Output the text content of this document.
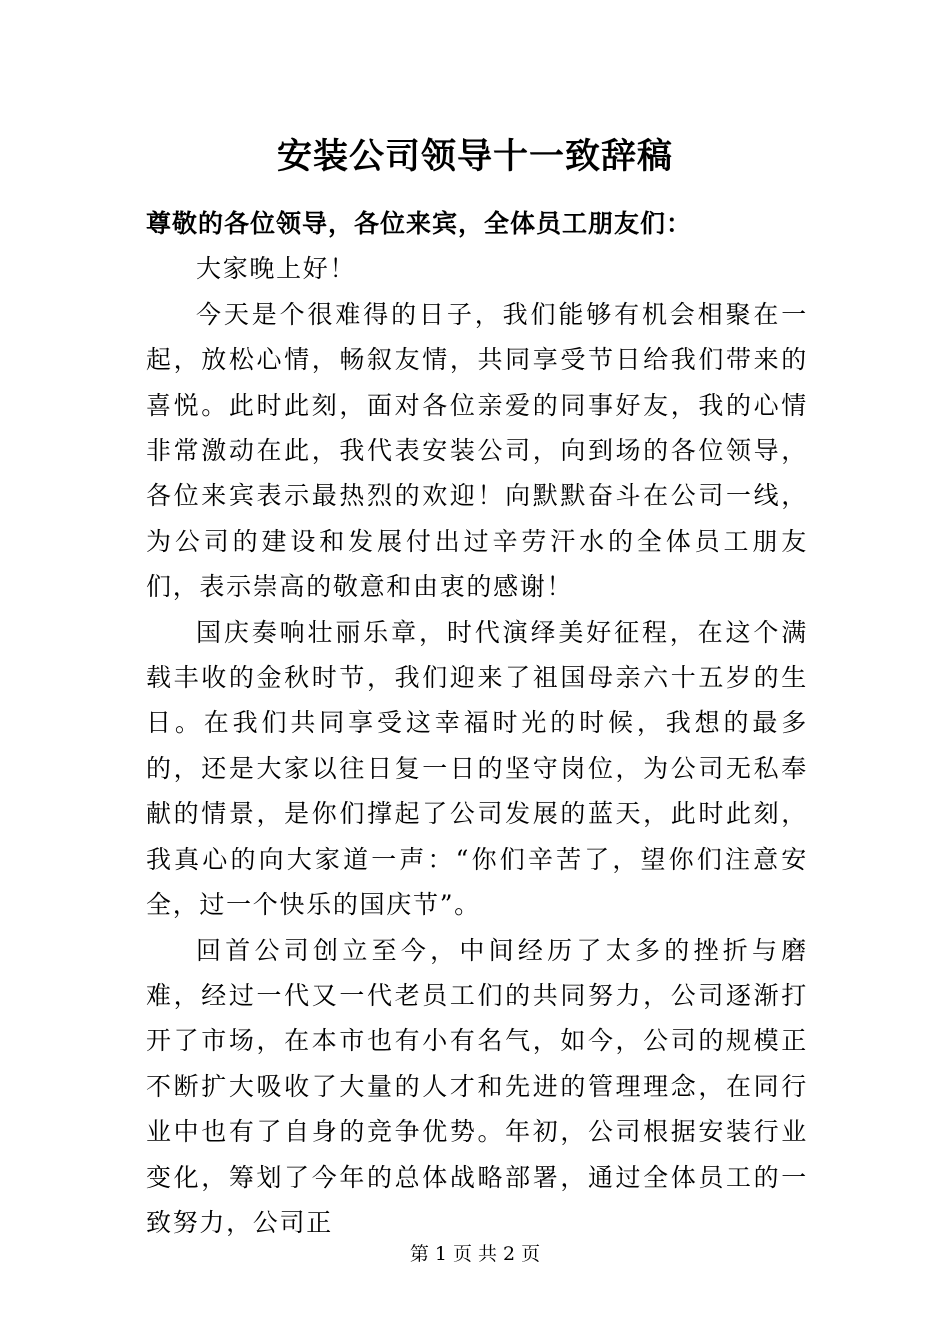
安装公司领导十一致辞稿

尊敬的各位领导，各位来宾，全体员工朋友们：

大家晚上好！

今天是个很难得的日子，我们能够有机会相聚在一起，放松心情，畅叙友情，共同享受节日给我们带来的喜悦。此时此刻，面对各位亲爱的同事好友，我的心情非常激动在此，我代表安装公司，向到场的各位领导，各位来宾表示最热烈的欢迎！向默默奋斗在公司一线，为公司的建设和发展付出过辛劳汗水的全体员工朋友们，表示崇高的敬意和由衷的感谢！

国庆奏响壮丽乐章，时代演绎美好征程，在这个满载丰收的金秋时节，我们迎来了祖国母亲六十五岁的生日。在我们共同享受这幸福时光的时候，我想的最多的，还是大家以往日复一日的坚守岗位，为公司无私奉献的情景，是你们撑起了公司发展的蓝天，此时此刻，我真心的向大家道一声：“你们辛苦了，望你们注意安全，过一个快乐的国庆节”。

回首公司创立至今，中间经历了太多的挫折与磨难，经过一代又一代老员工们的共同努力，公司逐渐打开了市场，在本市也有小有名气，如今，公司的规模正不断扩大吸收了大量的人才和先进的管理理念，在同行业中也有了自身的竞争优势。年初，公司根据安装行业变化，筹划了今年的总体战略部署，通过全体员工的一致努力，公司正

第 1 页 共 2 页
